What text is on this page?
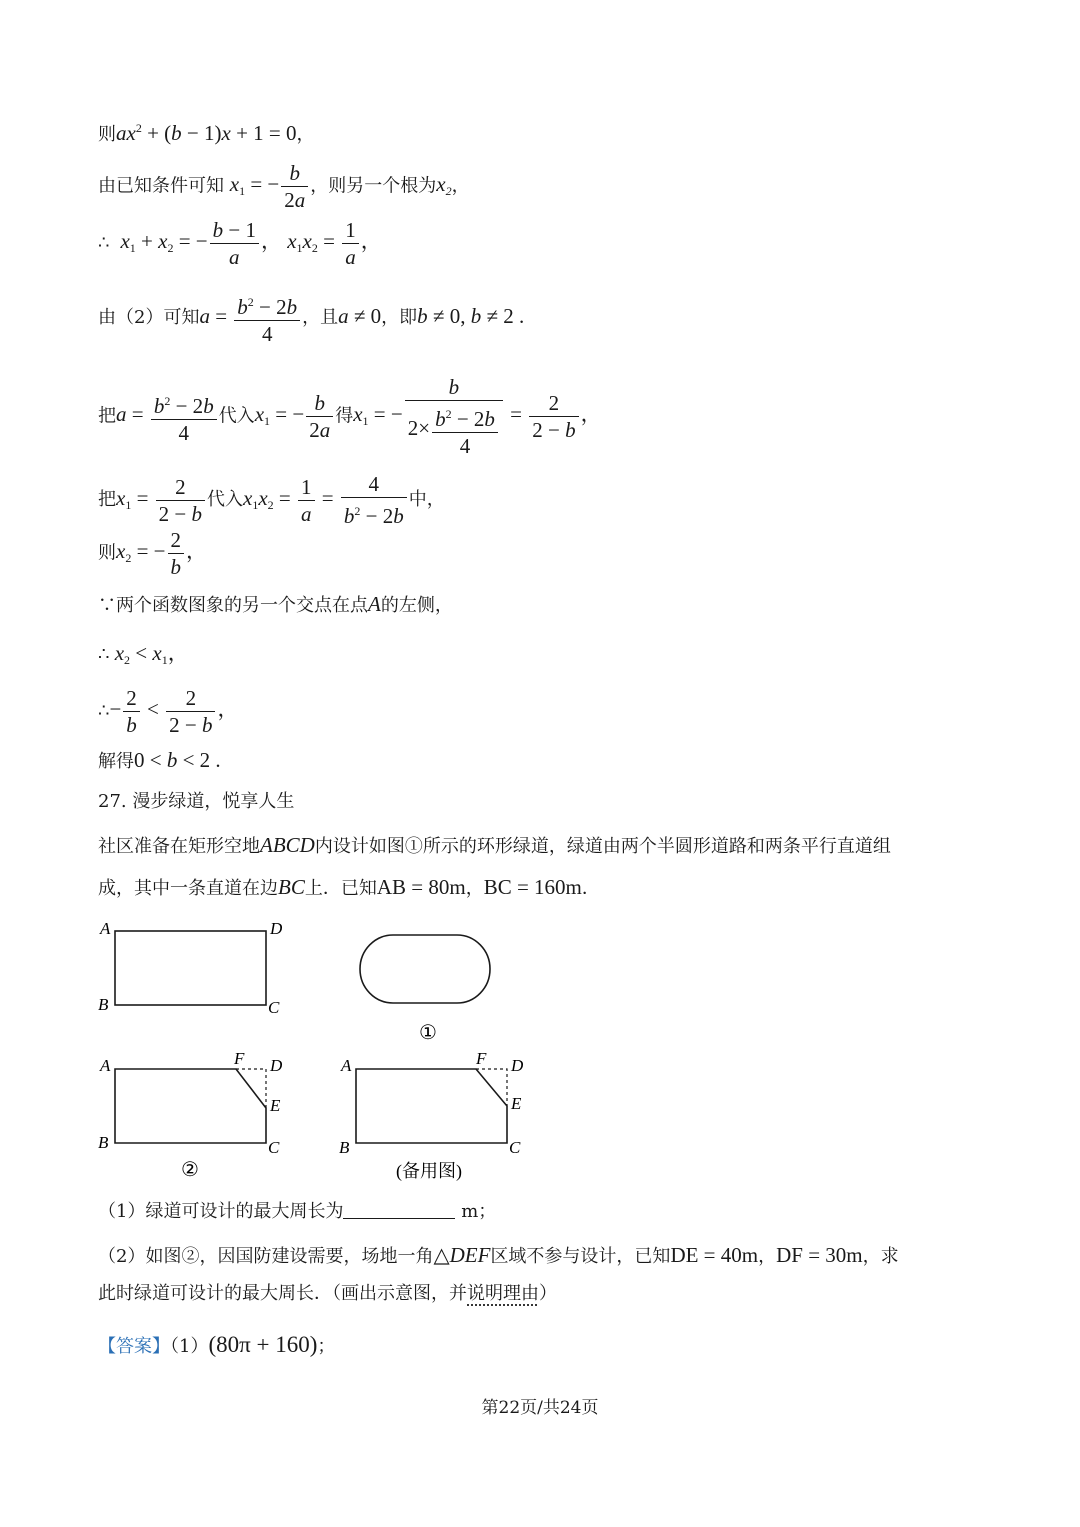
则$ax^2 + (b - 1)x + 1 = 0$，
由已知条件可知 $x_1$ = − $\frac{b}{2a}$ ，则另一个根为$x_2$，
∴ $x_1 + x_2$ = − $\frac{b - 1}{a}$ ， $x_1x_2 = \frac{1}{a}$ ，
由（2）可知$a = \frac{b^2 - 2b}{4}$ ，且a ≠ 0，即b ≠ 0, b ≠ 2 .
把$a = \frac{b^2 - 2b}{4}$ 代入$x_1$ = − $\frac{b}{2a}$ 得$x_1$ = − $\frac{b}{2\times \frac{b^2 - 2b}{4}} = \frac{2}{2 - b}$ ，
把$x_1 = \frac{2}{2 - b}$ 代入$x_1x_2 = \frac{1}{a} = \frac{4}{b^2 - 2b}$ 中，
则$x_2$ = − $\frac{2}{b}$ ，
∵两个函数图象的另一个交点在点A的左侧，
∴ $x_2 < x_1$，
∴− $\frac{2}{b} < \frac{2}{2 - b}$ ，
解得0 < b < 2 .
27. 漫步绿道，悦享人生
社区准备在矩形空地ABCD内设计如图①所示的环形绿道，绿道由两个半圆形道路和两条平行直道组
成，其中一条直道在边BC上．已知AB = 80m，BC = 160m．
A	D
B	C
①
A	F D
E
B	C
②
A	F D
E
B	C
(备用图)
（1）绿道可设计的最大周长为	m；
（2）如图②，因国防建设需要，场地一角△DEF区域不参与设计，已知DE = 40m，DF = 30m，求
此时绿道可设计的最大周长．（画出示意图，并说明理由）
【答案】（1）(80π + 160)；
第22页/共24页
